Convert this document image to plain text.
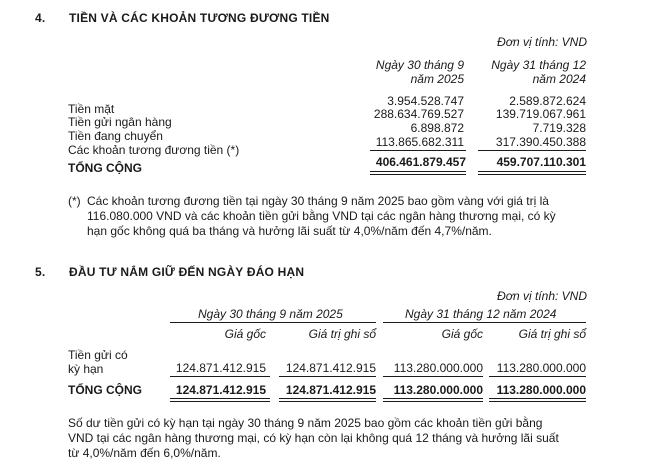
4. TIỀN VÀ CÁC KHOẢN TƯƠNG ĐƯƠNG TIỀN
Đơn vị tính: VND
Ngày 30 tháng 9
năm 2025
Ngày 31 tháng 12
năm 2024
Tiền mặt
3.954.528.747	2.589.872.624
Tiền gửi ngân hàng
288.634.769.527	139.719.067.961
Tiền đang chuyển
6.898.872	7.719.328
Các khoản tương đương tiền (*)
113.865.682.311	317.390.450.388
TỔNG CỘNG	406.461.879.457	459.707.110.301
(*) Các khoản tương đương tiền tại ngày 30 tháng 9 năm 2025 bao gồm vàng với giá trị là
116.080.000 VND và các khoản tiền gửi bằng VND tại các ngân hàng thương mại, có kỳ
hạn gốc không quá ba tháng và hưởng lãi suất từ 4,0%/năm đến 4,7%/năm.
5. ĐẦU TƯ NẮM GIỮ ĐẾN NGÀY ĐÁO HẠN
Đơn vị tính: VND
Ngày 30 tháng 9 năm 2025	Ngày 31 tháng 12 năm 2024
Giá gốc	Giá trị ghi sổ	Giá gốc	Giá trị ghi sổ
Tiền gửi có
kỳ hạn	124.871.412.915 124.871.412.915 113.280.000.000 113.280.000.000
TỔNG CỘNG	124.871.412.915 124.871.412.915 113.280.000.000 113.280.000.000
Số dư tiền gửi có kỳ hạn tại ngày 30 tháng 9 năm 2025 bao gồm các khoản tiền gửi bằng
VND tại các ngân hàng thương mại, có kỳ hạn còn lại không quá 12 tháng và hưởng lãi suất
từ 4,0%/năm đến 6,0%/năm.
